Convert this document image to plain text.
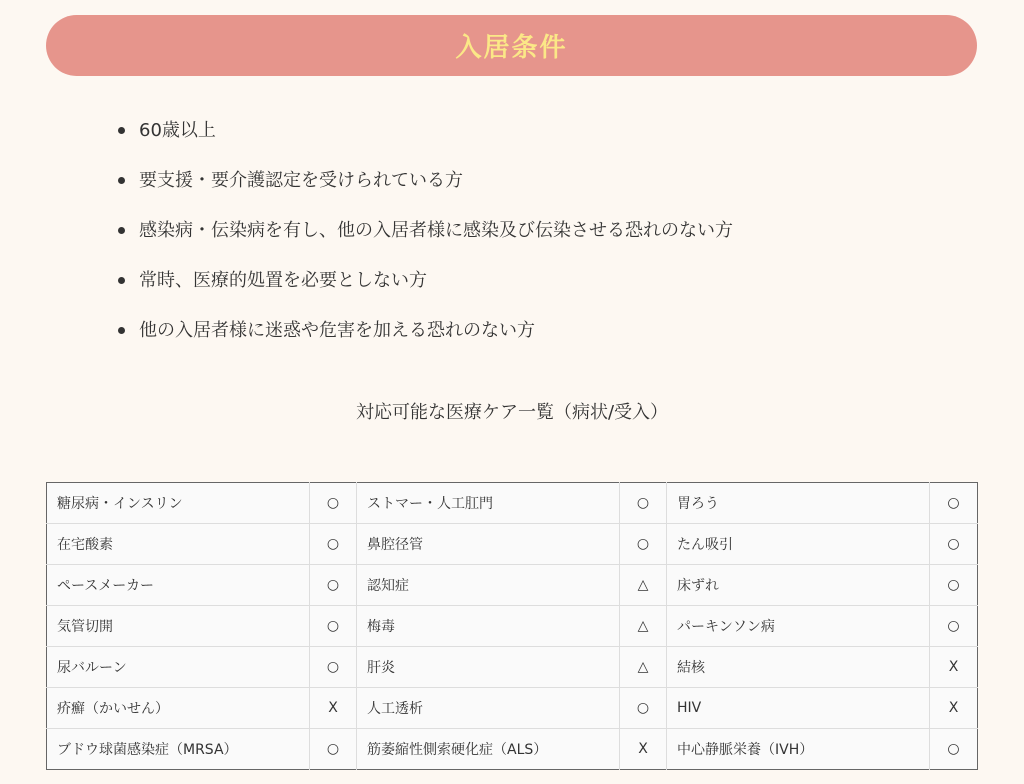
入居条件
60歳以上
要支援・要介護認定を受けられている方
感染病・伝染病を有し、他の入居者様に感染及び伝染させる恐れのない方
常時、医療的処置を必要としない方
他の入居者様に迷惑や危害を加える恐れのない方
対応可能な医療ケア一覧（病状/受入）
糖尿病・インスリン	○	ストマー・人工肛門	○	胃ろう	○
在宅酸素	○	鼻腔径管	○	たん吸引	○
ペースメーカー	○	認知症	△	床ずれ	○
気管切開	○	梅毒	△	パーキンソン病	○
尿バルーン	○	肝炎	△	結核	X
疥癬（かいせん）	X	人工透析	○	HIV	X
ブドウ球菌感染症（MRSA）	○	筋萎縮性側索硬化症（ALS）	X	中心静脈栄養（IVH）	○
